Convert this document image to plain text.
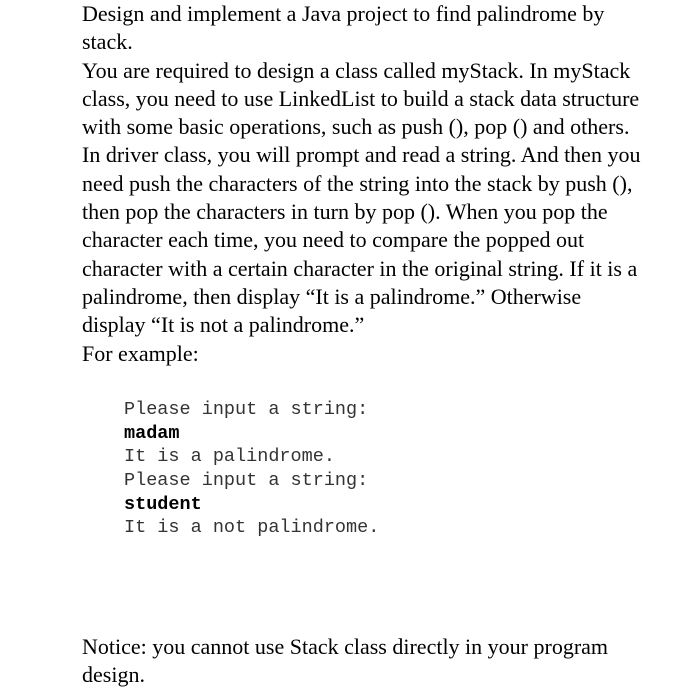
Design and implement a Java project to find palindrome by stack.

You are required to design a class called myStack. In myStack class, you need to use LinkedList to build a stack data structure with some basic operations, such as push (), pop () and others.

In driver class, you will prompt and read a string. And then you need push the characters of the string into the stack by push (), then pop the characters in turn by pop (). When you pop the character each time, you need to compare the popped out character with a certain character in the original string. If it is a palindrome, then display “It is a palindrome.” Otherwise display “It is not a palindrome.”

For example:

Please input a string:
madam
It is a palindrome.
Please input a string:
student
It is a not palindrome.

Notice: you cannot use Stack class directly in your program design.
